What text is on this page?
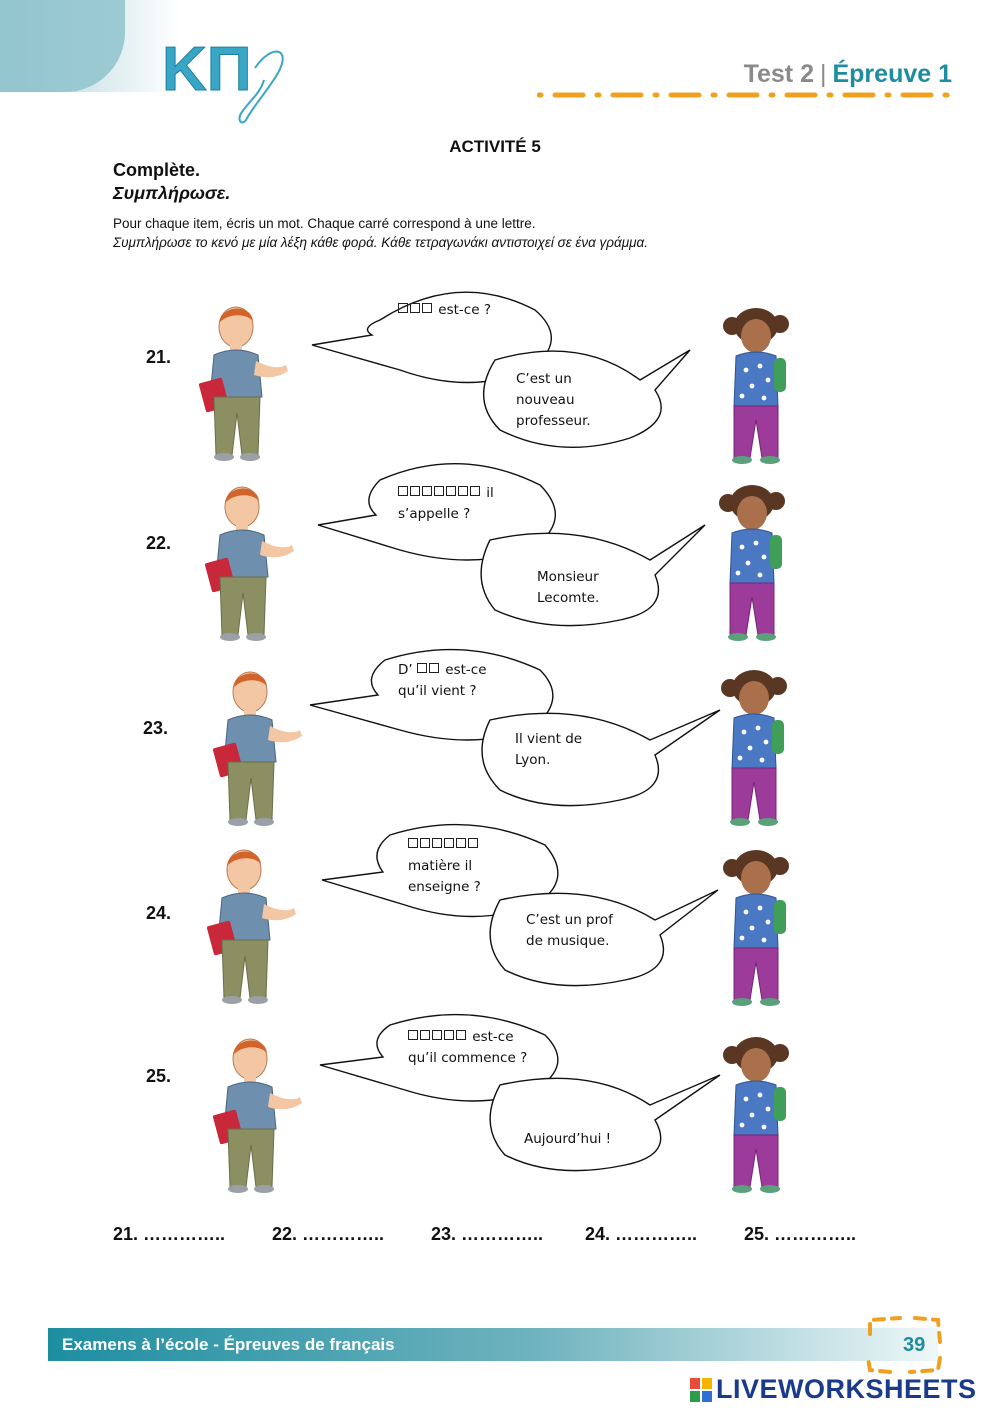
KΠ	Test 2 | Épreuve 1
ACTIVITÉ 5
Complète.
Συμπλήρωσε.
Pour chaque item, écris un mot. Chaque carré correspond à une lettre.
Συμπλήρωσε το κενό με μία λέξη κάθε φορά. Κάθε τετραγωνάκι αντιστοιχεί σε ένα γράμμα.
21.
22.
23.
24.
25.
est-ce ?
il
s’appelle ?
D’  est-ce
qu’il vient ?

matière il
enseigne ?
est-ce
qu’il commence ?
C’est un
nouveau
professeur.
Monsieur
Lecomte.
Il vient de
Lyon.
C’est un prof
de musique.
Aujourd’hui !
21. …………..	22. …………..	23. ………….. 24. …………..	25. …………..
Examens à l’école - Épreuves de français	39
LIVEWORKSHEETS
